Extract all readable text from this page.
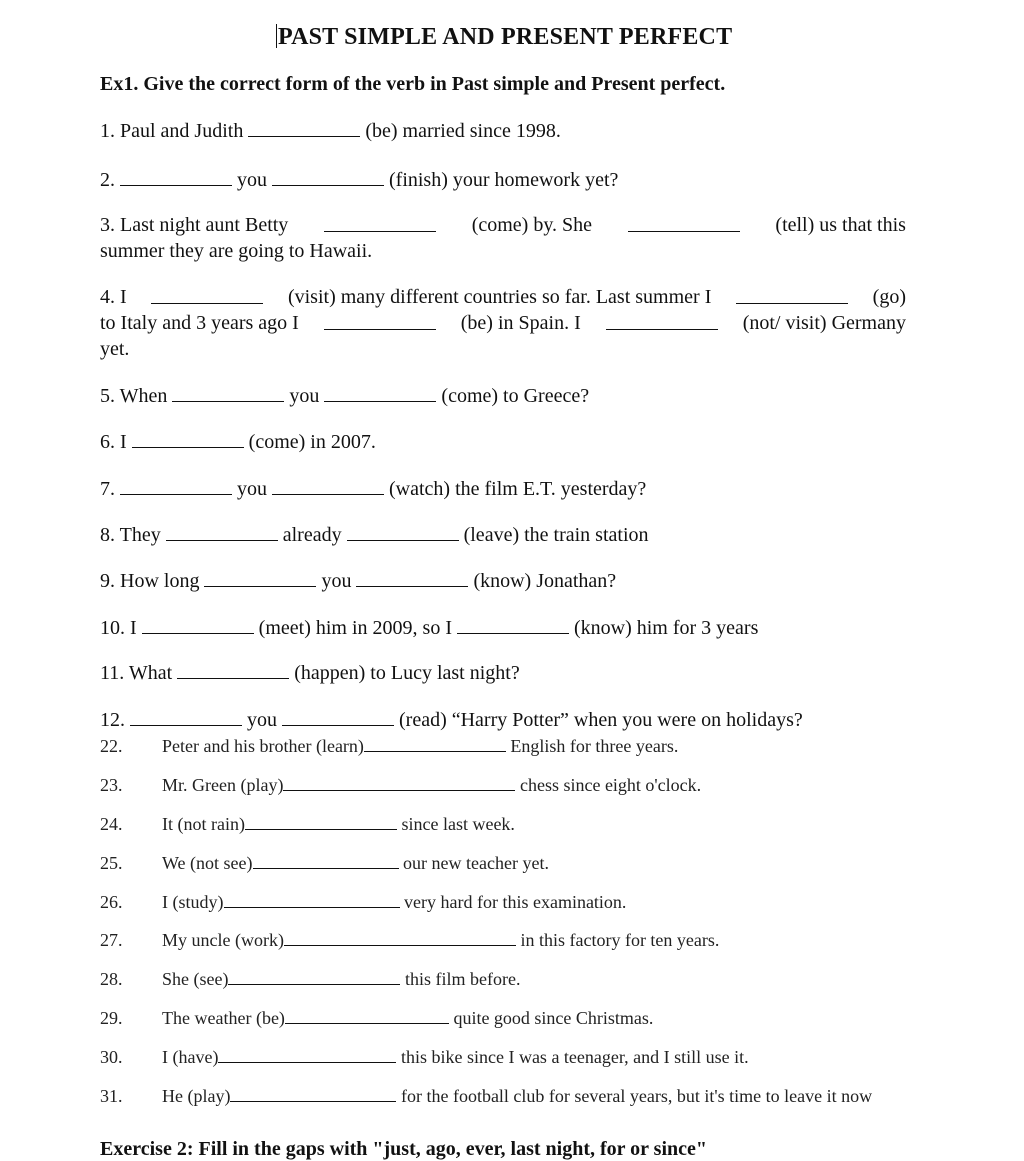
PAST SIMPLE AND PRESENT PERFECT
Ex1. Give the correct form of the verb in Past simple and Present perfect.
1. Paul and Judith	(be) married since 1998.
2.	you	(finish) your homework yet?
3. Last night aunt Betty	(come) by. She	(tell) us that this
summer they are going to Hawaii.
4. I	(visit) many different countries so far. Last summer I	(go)
to Italy and 3 years ago I	(be) in Spain. I	(not/ visit) Germany
yet.
5. When	you	(come) to Greece?
6. I	(come) in 2007.
7.	you	(watch) the film E.T. yesterday?
8. They	already	(leave) the train station
9. How long	you	(know) Jonathan?
10. I	(meet) him in 2009, so I	(know) him for 3 years
11. What	(happen) to Lucy last night?
12.	you	(read) “Harry Potter” when you were on holidays?
22. Peter and his brother (learn)	English for three years.
23. Mr. Green (play)	chess since eight o'clock.
24. It (not rain)	since last week.
25. We (not see)	our new teacher yet.
26. I (study)	very hard for this examination.
27. My uncle (work)	in this factory for ten years.
28. She (see)	this film before.
29. The weather (be)	quite good since Christmas.
30. I (have)	this bike since I was a teenager, and I still use it.
31. He (play)	for the football club for several years, but it's time to leave it now
Exercise 2: Fill in the gaps with "just, ago, ever, last night, for or since"
